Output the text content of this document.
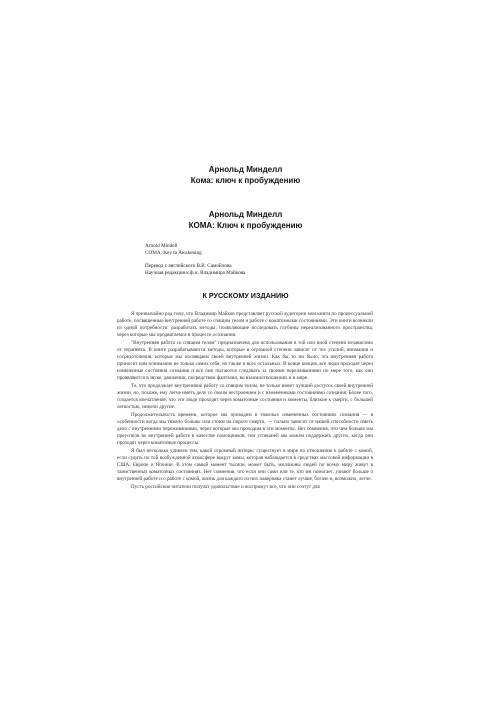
Арнольд Минделл
Кома: ключ к пробуждению
Арнольд Минделл
КОМА: Ключ к пробуждению
Arnold Mindell
COMA: Key to Awakening
Перевод с английского В.В. Самойлова
Научная редакция к.ф.н. Владимира Майкова
К РУССКОМУ ИЗДАНИЮ

Я чрезвычайно рад тому, что Владимир Майков представляет русской аудитории мои книги по процессуальной работе, посвященные внутренней работе со спящим телом и работе с коматозными состояниями. Эти книги возникли из одной потребности: разработать методы, позволяющие исследовать глубины нереализованного пространства, через которые мы продвигаемся в процессе осознания.

"Внутренняя работа со спящим телом" предназначена для использования в той или иной степени независимо от терапевта. В книге разрабатываются методы, которые в огромной степени зависят от тех усилий, внимания и сосредоточения, которые мы посвящаем своей внутренней жизни. Как бы то ни было, эта внутренняя работа приносит нам понимание не только самих себя, но также и всех остальных. В конце концов, все люди проходят через измененные состояния сознания и все они пытаются следовать за своими переживаниями по мере того, как они проявляются в звуке, движении, посредством фантазии, во взаимоотношениях и в мире.

То, что продолжает внутреннюю работу со спящим телом, не только имеет лучший доступ к своей внутренней жизни, но, похоже, ему легче иметь дело со своим нестроением и с измененными состояниями сознания. Более того, создается впечатление, что эти люди проходят через коматозные состояния и моменты, близкие к смерти, с большей легкостью, нежели другие.

Продолжительность времени, которое мы проводим в тяжелых измененных состояниях сознания — в особенности когда мы тяжело больны или стоим на пороге смерти, — сильно зависит от нашей способности иметь дело с внутренними переживаниями, через которые мы проходим в эти моменты. Нет сомнения, что чем больше мы преуспели во внутренней работе в качестве помощников, тем успешней мы можем поддержать других, когда они проходят через коматозные процессы.

Я был несколько удивлен тем, какой огромный интерес существует в мире по отношению к работе с комой, если судить по той возбужденной атмосфере вокруг комы, которая наблюдается в средствах массовой информации в США, Европе и Японии. В этом самый момент тысячи, может быть, миллионы людей по всему миру живут в таинственных коматозных состояниях. Нет сомнения, что если они сами или те, кто им помогает, узнают больше о внутренней работе и о работе с комой, жизнь для каждого из них наверняка станет лучше, богаче и, возможно, легче.

Пусть российские читатели получат удовольствие и воспримут все, что они сочтут для
